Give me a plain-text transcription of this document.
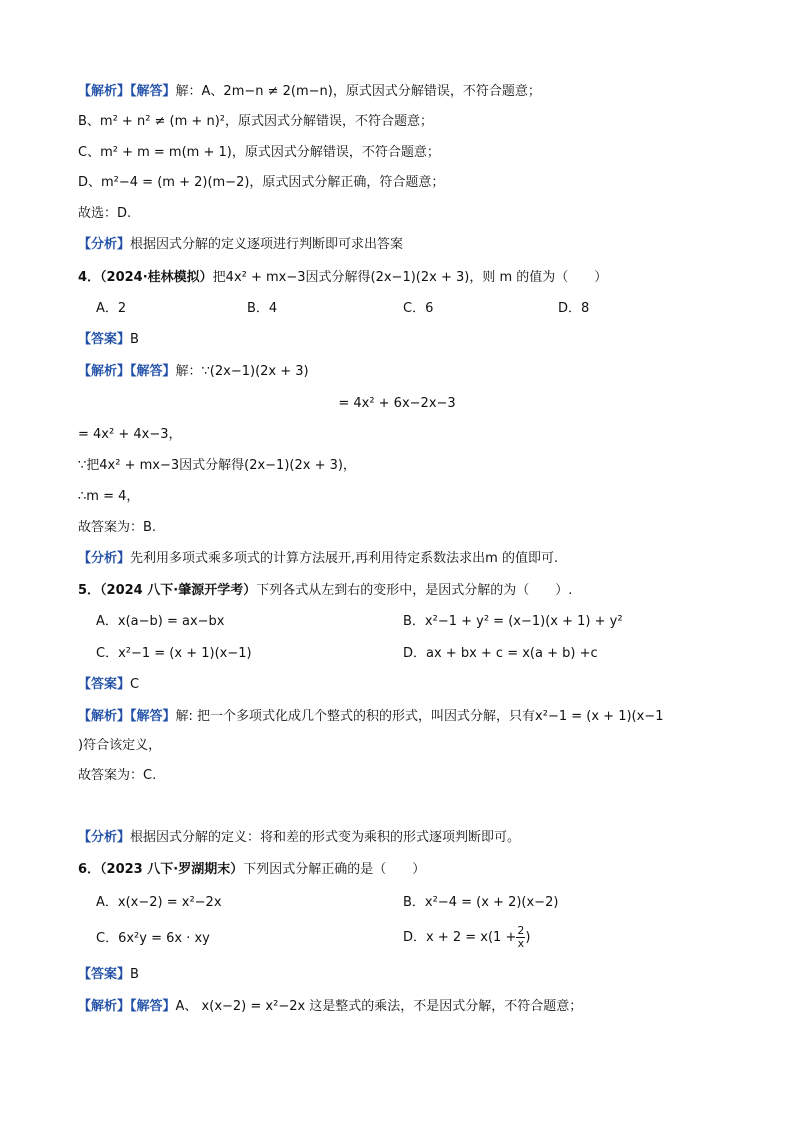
【解析】【解答】解：A、2m−n ≠ 2(m−n)，原式因式分解错误，不符合题意；
B、m² + n² ≠ (m + n)²，原式因式分解错误，不符合题意；
C、m² + m = m(m + 1)，原式因式分解错误，不符合题意；
D、m²−4 = (m + 2)(m−2)，原式因式分解正确，符合题意；
故选：D.
【分析】根据因式分解的定义逐项进行判断即可求出答案
4．（2024·桂林模拟）把4x² + mx−3因式分解得(2x−1)(2x + 3)，则 m 的值为（　　）
A．2	B．4	C．6	D．8
【答案】B
【解析】【解答】解：∵(2x−1)(2x + 3)
= 4x² + 6x−2x−3
= 4x² + 4x−3，
∵把4x² + mx−3因式分解得(2x−1)(2x + 3)，
∴m = 4，
故答案为：B.
【分析】先利用多项式乘多项式的计算方法展开,再利用待定系数法求出m 的值即可.
5．（2024 八下·肇源开学考）下列各式从左到右的变形中，是因式分解的为（　　）.
A．x(a−b) = ax−bx	B．x²−1 + y² = (x−1)(x + 1) + y²
C．x²−1 = (x + 1)(x−1)	D．ax + bx + c = x(a + b) +c
【答案】C
【解析】【解答】解: 把一个多项式化成几个整式的积的形式，叫因式分解，只有x²−1 = (x + 1)(x−1
)符合该定义，
故答案为：C.
【分析】根据因式分解的定义：将和差的形式变为乘积的形式逐项判断即可。
6．（2023 八下·罗湖期末）下列因式分解正确的是（　　）
A．x(x−2) = x²−2x	B．x²−4 = (x + 2)(x−2)
C．6x²y = 6x · xy	D．$x + 2 = x(1 + \frac{2}{x}$ )
【答案】B
【解析】【解答】A、 x(x−2) = x²−2x 这是整式的乘法，不是因式分解，不符合题意；
